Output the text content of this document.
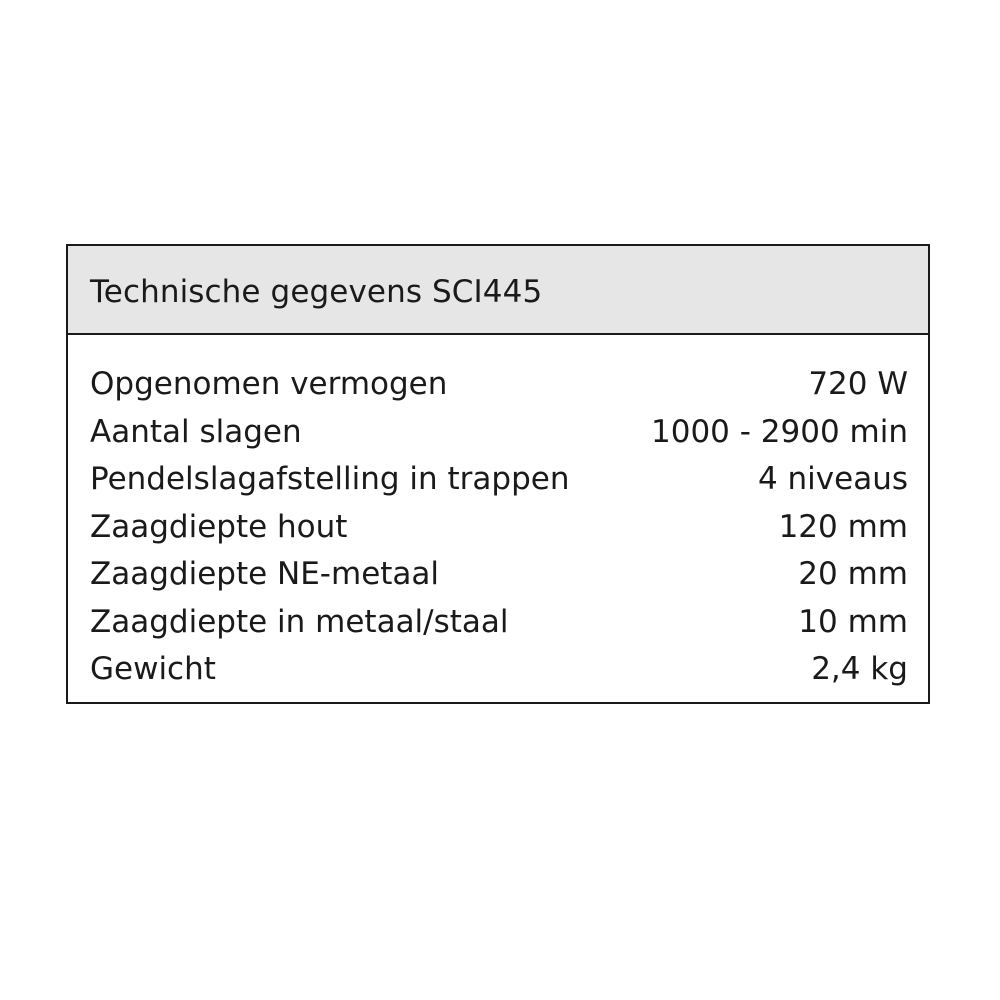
Technische gegevens SCI445
Opgenomen vermogen	720 W
Aantal slagen	1000 - 2900 min
Pendelslagafstelling in trappen	4 niveaus
Zaagdiepte hout	120 mm
Zaagdiepte NE-metaal	20 mm
Zaagdiepte in metaal/staal	10 mm
Gewicht	2,4 kg
